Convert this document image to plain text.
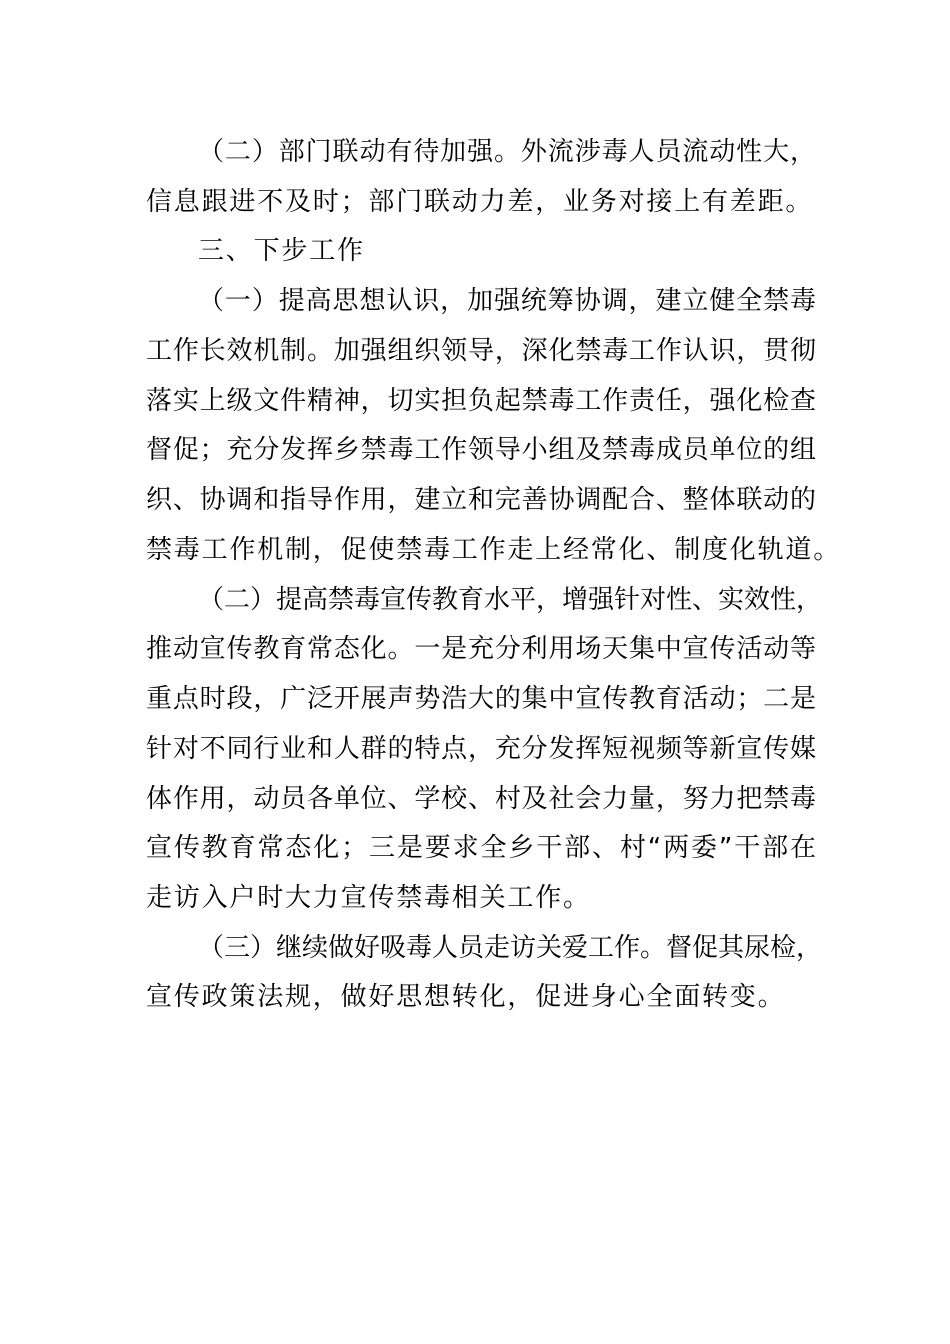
（二）部门联动有待加强。外流涉毒人员流动性大，
信息跟进不及时；部门联动力差，业务对接上有差距。
三、下步工作
（一）提高思想认识，加强统筹协调，建立健全禁毒
工作长效机制。加强组织领导，深化禁毒工作认识，贯彻
落实上级文件精神，切实担负起禁毒工作责任，强化检查
督促；充分发挥乡禁毒工作领导小组及禁毒成员单位的组
织、协调和指导作用，建立和完善协调配合、整体联动的
禁毒工作机制，促使禁毒工作走上经常化、制度化轨道。
（二）提高禁毒宣传教育水平，增强针对性、实效性，
推动宣传教育常态化。一是充分利用场天集中宣传活动等
重点时段，广泛开展声势浩大的集中宣传教育活动；二是
针对不同行业和人群的特点，充分发挥短视频等新宣传媒
体作用，动员各单位、学校、村及社会力量，努力把禁毒
宣传教育常态化；三是要求全乡干部、村“两委”干部在
走访入户时大力宣传禁毒相关工作。
（三）继续做好吸毒人员走访关爱工作。督促其尿检，
宣传政策法规，做好思想转化，促进身心全面转变。
